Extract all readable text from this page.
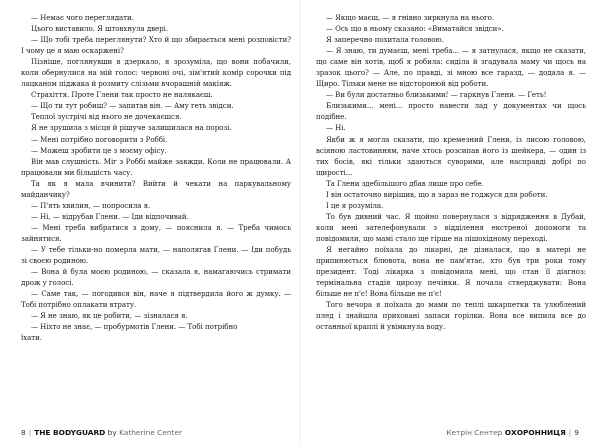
— Немає чого переглядати.

Цього виставило. Я штовхнула двері.

— Що тобі треба переглянути? Хто й що збирається мені розповісти? І чому це я маю оскаржені?

Пізніше, поглянувши в дзеркало, я зрозуміла, що вони побачили, коли обернулися на мій голос: червоні очі, зім'ятий комір сорочки під лацканом піджака й розмиту слізьми вчорашній макіяж.

Страхіття. Проте Глени так просто не налякаєш.

— Що ти тут робиш? — запитав він. — Аму геть звідси.

Теплої зустрічі від нього не дочекаєшся.

Я не зрушила з місця й рішуче залишилася на порозі.

— Мені потрібно поговорити з Роббі.

— Можеш зробити це з моєму офісу.

Він мав слушність. Міг з Роббі майже завжди. Коли не працювали. А працювали ми більшість часу.

Та як я мала вчинити? Вийти й чекати на паркувальному майданчику?

— П'ять хвилин, — попросила я.

— Ні, — відрубав Глени. — Іди відпочивай.

— Мені треба вибратися з дому, — пояснила я. — Треба чимось зайнятися.

— У тебе тільки-но померла мати, — наполягав Глени. — Іди побудь зі своєю родиною.

— Вона й була моєю родиною, — сказала я, намагаючись стримати дрож у голосі.

— Саме так, — погодився він, наче я підтвердила його ж думку. — Тобі потрібно оплакати втрату.

— Я не знаю, як це робити, — зізналася я.

— Ніхто не знає, — пробурмотів Глени. — Тобі потрібно

їхати.

— Якщо маєш, — я гнівно зиркнула на нього.

— Ось що в ньому сказано: «Виматайся звідси».

Я заперечно похитала головою.

— Я знаю, ти думаєш, мені треба... — я затнулася, якщо не сказати, що саме він хотів, щоб я робила: сиділа й згадувала маму чи щось на зразок цього? — Але, по правді, зі мною все гаразд, — додала я. — Щиро. Тільки мене не відсторонюй від роботи.

— Ви були достатньо близькими! — гаркнув Глени. — Геть!

Близькими... мені... просто навести лад у документах чи щось подібне.

— Ні.

Якби ж я могла сказати, що кремезний Глени, із лисою головою, всіяною ластовинням, наче хтось розсипав його із шейкера, — один із тих босів, які тільки здаються суворими, але насправді добрі по щирості...

Та Глени здебільшого дбав лише про себе.

І він остаточно вирішив, що я зараз не годжуся для роботи.

І це я розуміла.

То був дивний час. Я щойно повернулася з відрядження в Дубай, коли мені зателефонували з відділення екстреної допомоги та повідомили, що мамі стало ще гірше на пішохідному переході.

Я негайно поїхала до лікарні, де дізналася, що в матері не припиняється блювота, вона не пам'ятає, хто був три роки тому президент. Тоді лікарка з повідомила мені, що стан її діагноз: термінальна стадія цирозу печінки. Я почала стверджувати: Вона більше не п'є! Вона більше не п'є!

Того вечора я поїхала до мами по теплі шкарпетки та улюблений плед і знайшла приховані запаси горілки. Вона все випила все до останньої краплі й увімкнула воду.

8 | THE BODYGUARD by Katherine Center	Кетрін Сентер ОХОРОННИЦЯ | 9
